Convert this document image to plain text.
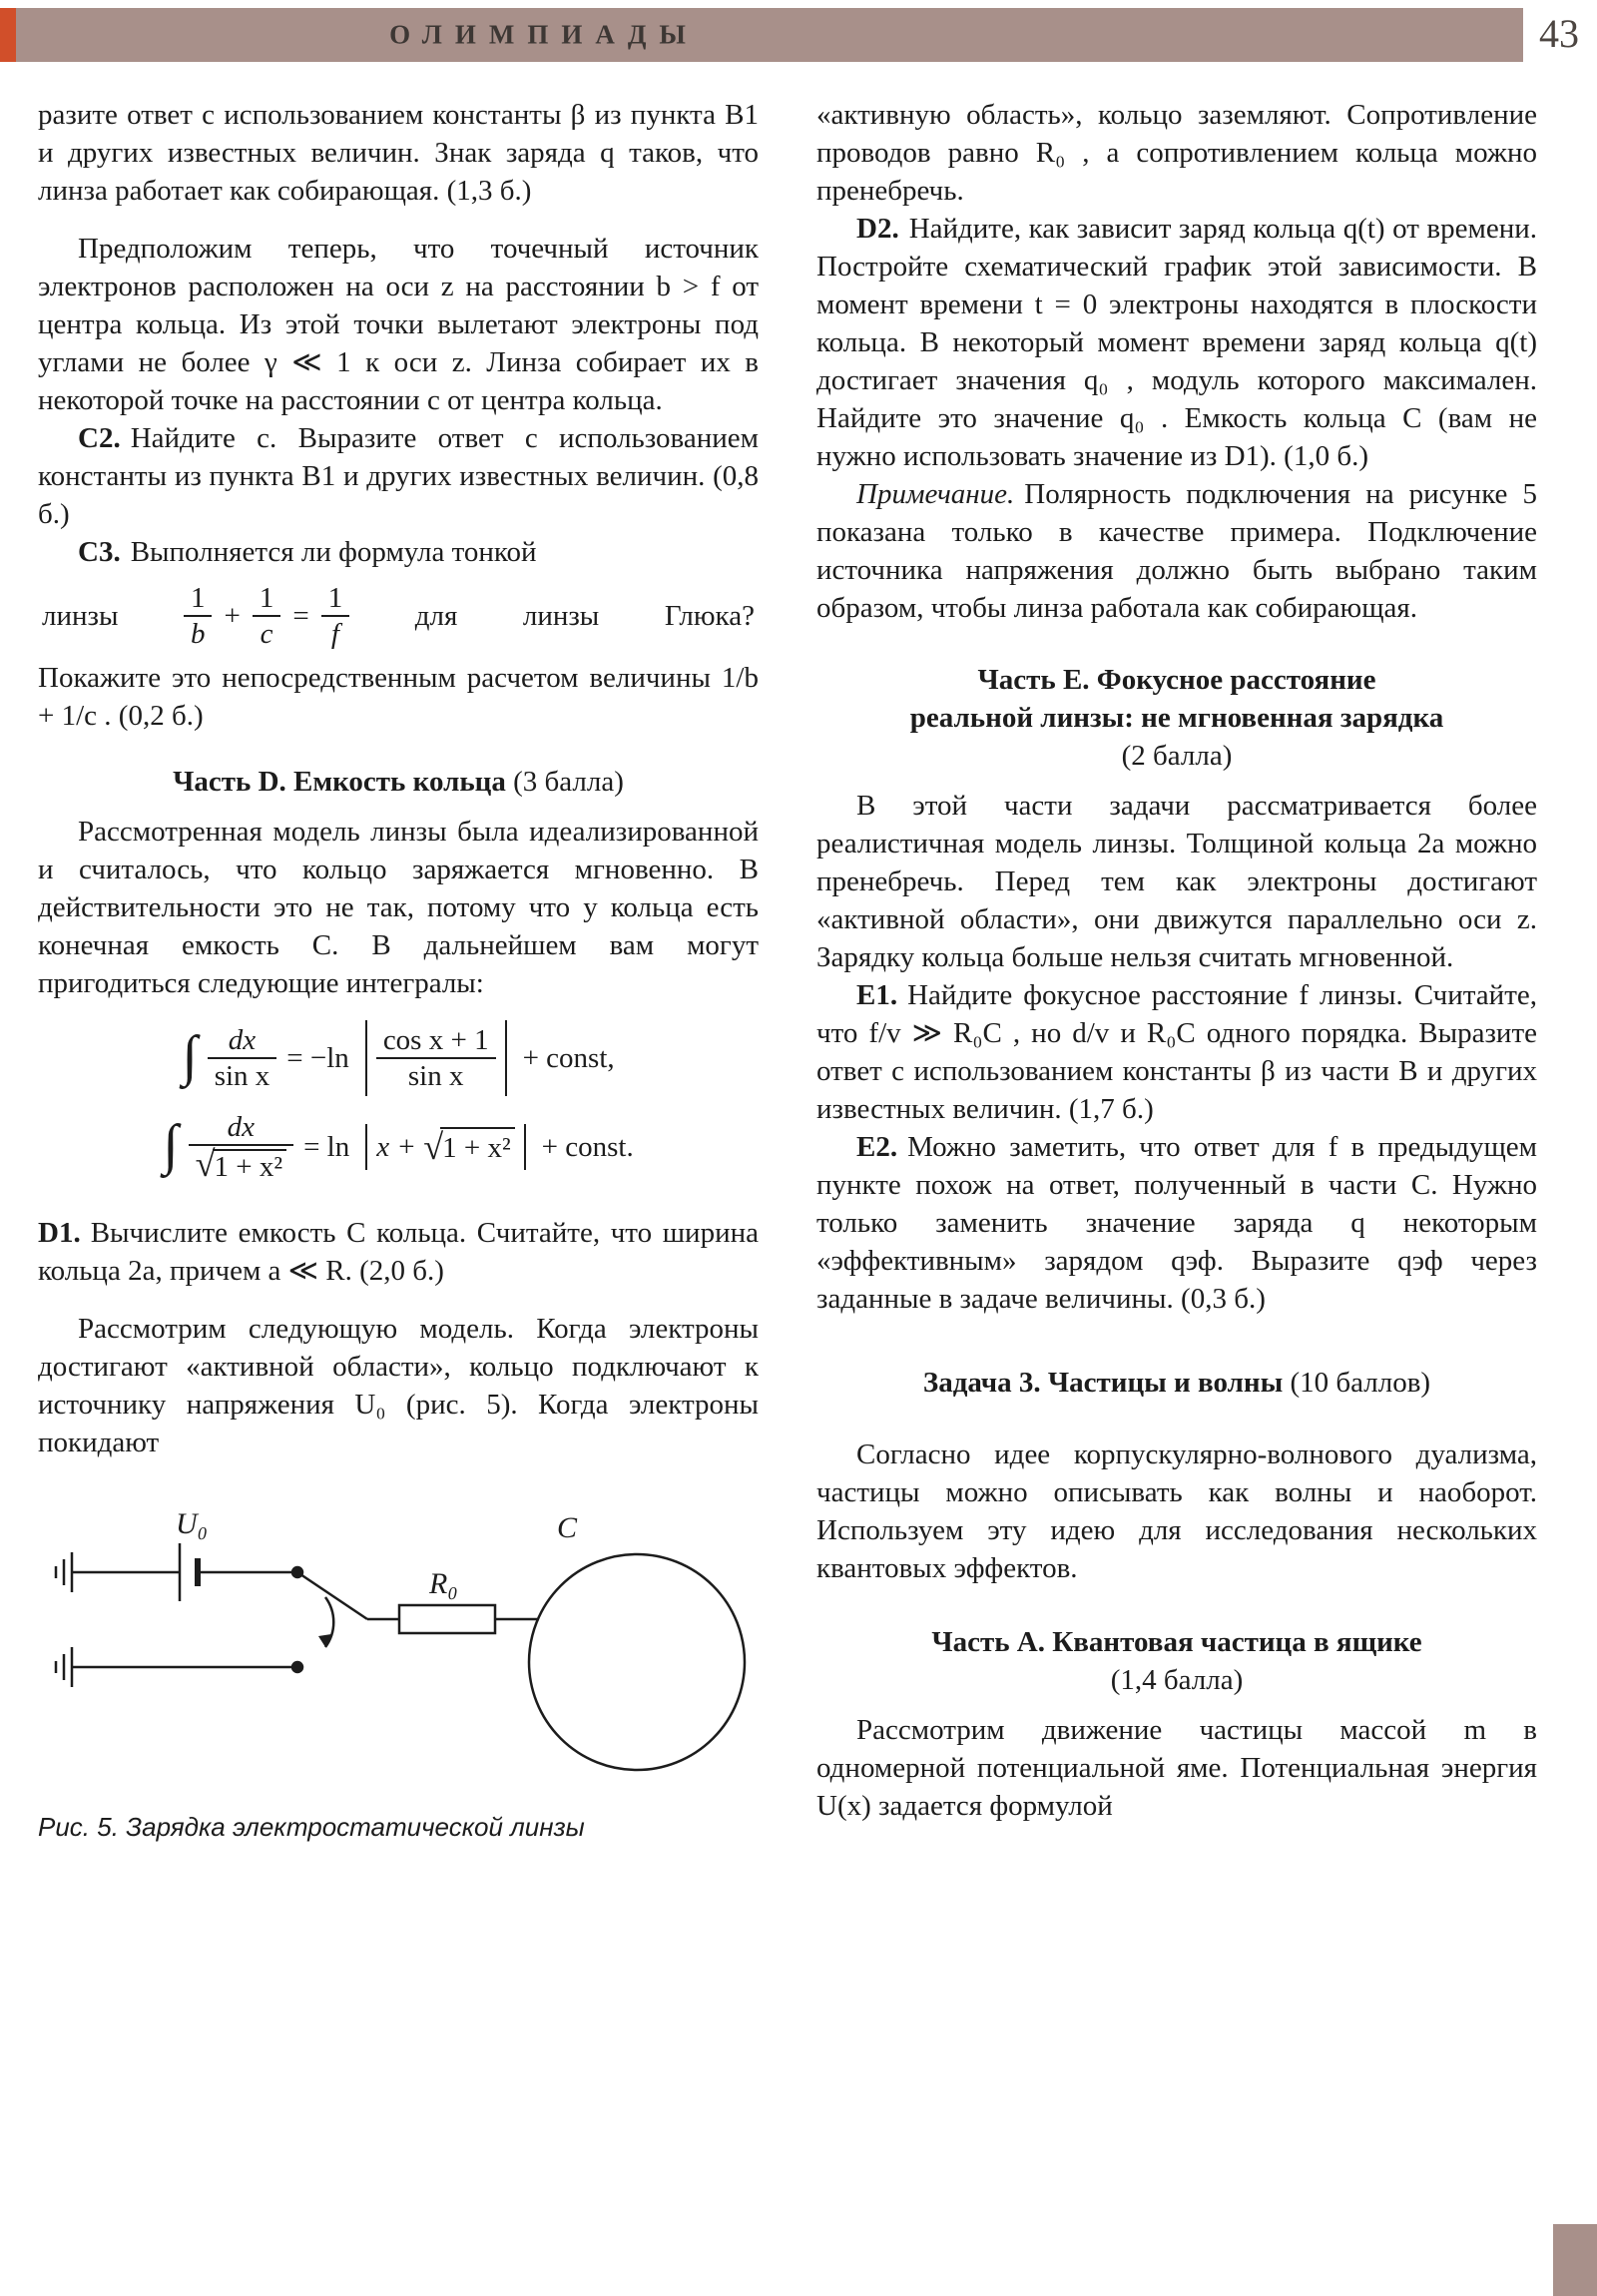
ОЛИМПИАДЫ	43

разите ответ с использованием константы β из пункта B1 и других известных величин. Знак заряда q таков, что линза работает как собирающая. (1,3 б.)

Предположим теперь, что точечный источник электронов расположен на оси z на расстоянии b > f от центра кольца. Из этой точки вылетают электроны под углами не более γ ≪ 1 к оси z. Линза собирает их в некоторой точке на расстоянии c от центра кольца.

C2. Найдите c. Выразите ответ с использованием константы из пункта B1 и других известных величин. (0,8 б.)

C3. Выполняется ли формула тонкой

линзы $\frac{1}{b} + \frac{1}{c} = \frac{1}{f}$ для линзы Глюка?

Покажите это непосредственным расчетом величины 1/b + 1/c . (0,2 б.)

Часть D. Емкость кольца (3 балла)

Рассмотренная модель линзы была идеализированной и считалось, что кольцо заряжается мгновенно. В действительности это не так, потому что у кольца есть конечная емкость C. В дальнейшем вам могут пригодиться следующие интегралы:

∫ $\frac{dx}{\text{sin x}} = -\ln \frac{\text{cos x + 1}}{\text{sin x}}$ + const,
∫ $\frac{dx}{\text{√1 + x²}} = \ln x$ +
√ 1 + x² + const.

D1. Вычислите емкость C кольца. Считайте, что ширина кольца 2a, причем a ≪ R. (2,0 б.)

Рассмотрим следующую модель. Когда электроны достигают «активной области», кольцо подключают к источнику напряжения U₀ (рис. 5). Когда электроны покидают

U₀
R₀
C
Рис. 5. Зарядка электростатической линзы

«активную область», кольцо заземляют. Сопротивление проводов равно R₀ , а сопротивлением кольца можно пренебречь.

D2. Найдите, как зависит заряд кольца q(t) от времени. Постройте схематический график этой зависимости. В момент времени t = 0 электроны находятся в плоскости кольца. В некоторый момент времени заряд кольца q(t) достигает значения q₀ , модуль которого максимален. Найдите это значение q₀ . Емкость кольца C (вам не нужно использовать значение из D1). (1,0 б.)

Примечание. Полярность подключения на рисунке 5 показана только в качестве примера. Подключение источника напряжения должно быть выбрано таким образом, чтобы линза работала как собирающая.

Часть E. Фокусное расстояние
реальной линзы: не мгновенная зарядка
(2 балла)

В этой части задачи рассматривается более реалистичная модель линзы. Толщиной кольца 2a можно пренебречь. Перед тем как электроны достигают «активной области», они движутся параллельно оси z. Зарядку кольца больше нельзя считать мгновенной.

E1. Найдите фокусное расстояние f линзы. Считайте, что f/v ≫ R₀C , но d/v и R₀C одного порядка. Выразите ответ с использованием константы β из части B и других известных величин. (1,7 б.)

E2. Можно заметить, что ответ для f в предыдущем пункте похож на ответ, полученный в части C. Нужно только заменить значение заряда q некоторым «эффективным» зарядом qэф. Выразите qэф через заданные в задаче величины. (0,3 б.)

Задача 3. Частицы и волны (10 баллов)

Согласно идее корпускулярно-волнового дуализма, частицы можно описывать как волны и наоборот. Используем эту идею для исследования нескольких квантовых эффектов.

Часть A. Квантовая частица в ящике
(1,4 балла)

Рассмотрим движение частицы массой m в одномерной потенциальной яме. Потенциальная энергия U(x) задается формулой
